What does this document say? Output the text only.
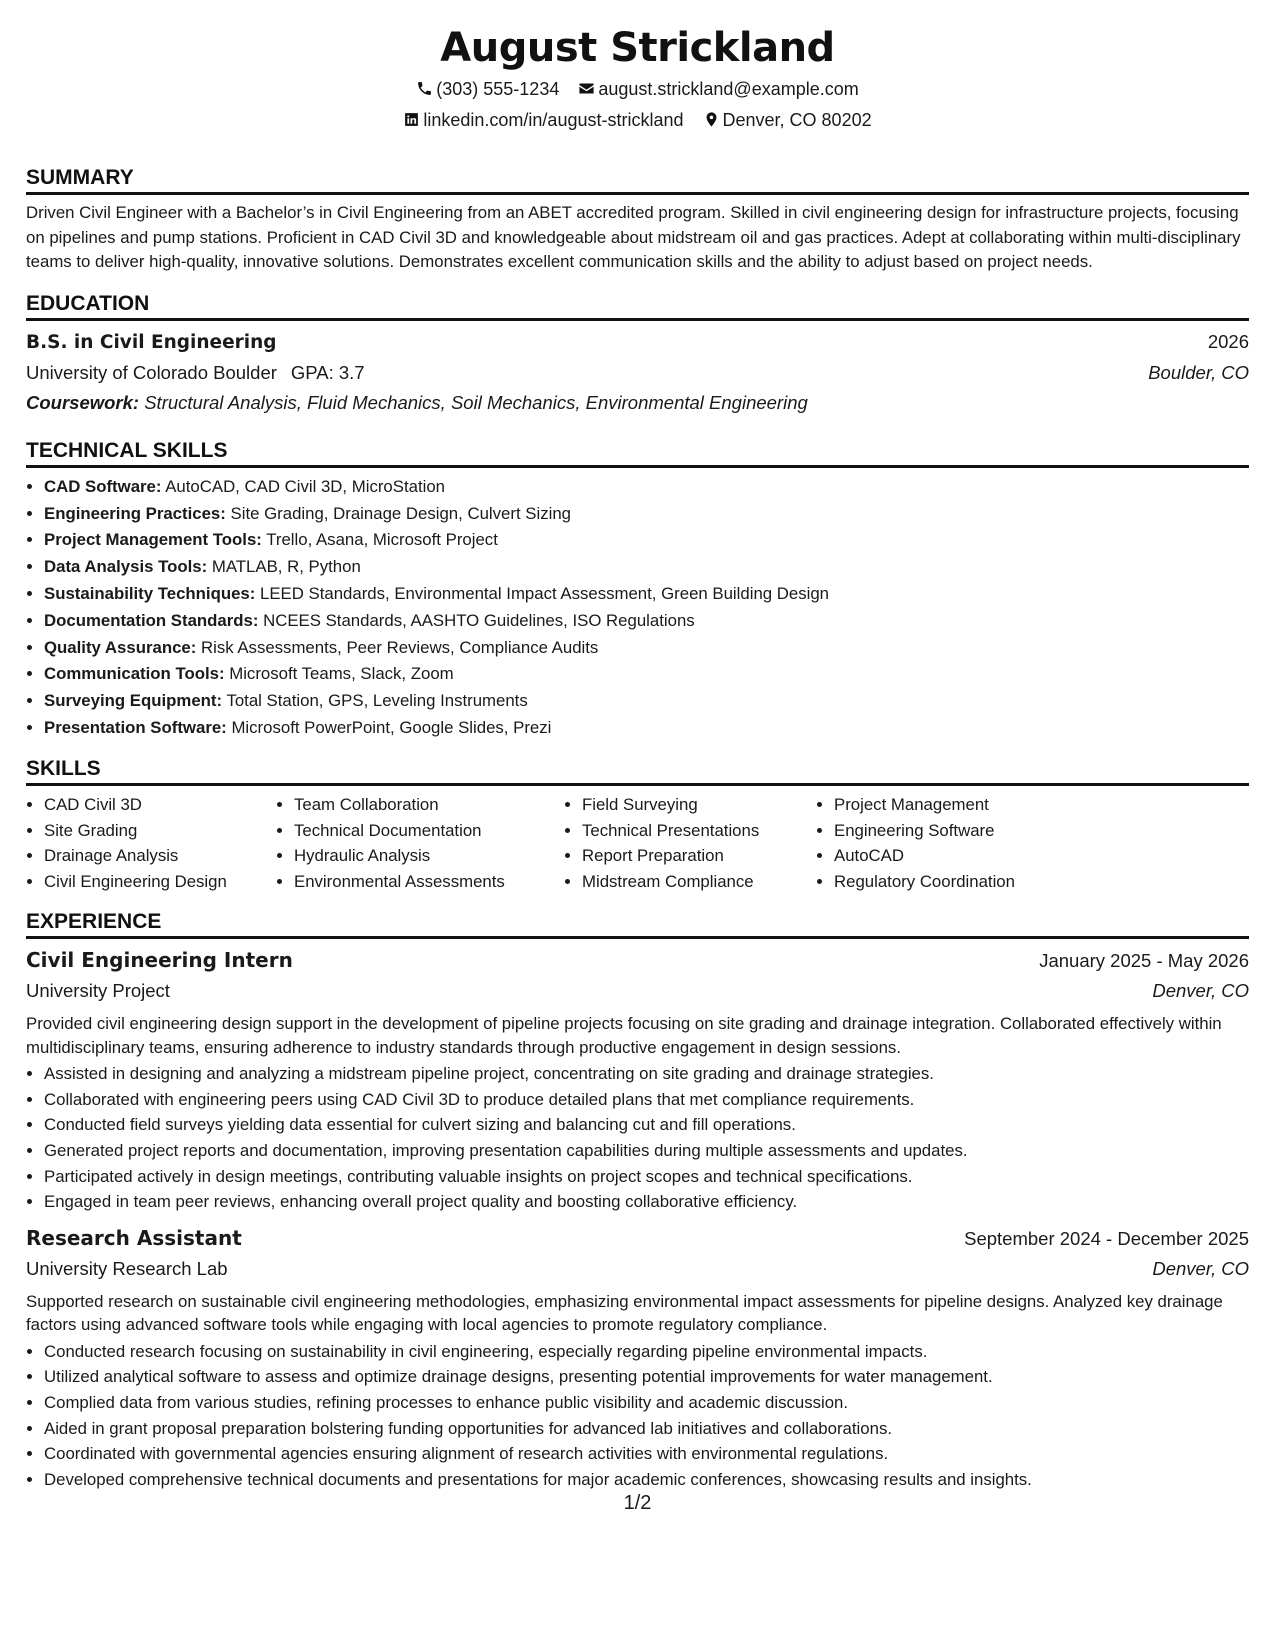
August Strickland
(303) 555-1234 august.strickland@example.com
linkedin.com/in/august-strickland Denver, CO 80202
SUMMARY

Driven Civil Engineer with a Bachelor’s in Civil Engineering from an ABET accredited program. Skilled in civil engineering design for infrastructure projects, focusing on pipelines and pump stations. Proficient in CAD Civil 3D and knowledgeable about midstream oil and gas practices. Adept at collaborating within multi-disciplinary teams to deliver high-quality, innovative solutions. Demonstrates excellent communication skills and the ability to adjust based on project needs.

EDUCATION
B.S. in Civil Engineering	2026
University of Colorado Boulder GPA: 3.7	Boulder, CO
Coursework: Structural Analysis, Fluid Mechanics, Soil Mechanics, Environmental Engineering
TECHNICAL SKILLS
• CAD Software: AutoCAD, CAD Civil 3D, MicroStation
• Engineering Practices: Site Grading, Drainage Design, Culvert Sizing
• Project Management Tools: Trello, Asana, Microsoft Project
• Data Analysis Tools: MATLAB, R, Python
• Sustainability Techniques: LEED Standards, Environmental Impact Assessment, Green Building Design
• Documentation Standards: NCEES Standards, AASHTO Guidelines, ISO Regulations
• Quality Assurance: Risk Assessments, Peer Reviews, Compliance Audits
• Communication Tools: Microsoft Teams, Slack, Zoom
• Surveying Equipment: Total Station, GPS, Leveling Instruments
• Presentation Software: Microsoft PowerPoint, Google Slides, Prezi
SKILLS
• CAD Civil 3D
• Site Grading
• Drainage Analysis
• Civil Engineering Design
• Team Collaboration
• Technical Documentation
• Hydraulic Analysis
• Environmental Assessments
• Field Surveying
• Technical Presentations
• Report Preparation
• Midstream Compliance
• Project Management
• Engineering Software
• AutoCAD
• Regulatory Coordination
EXPERIENCE
Civil Engineering Intern	January 2025 - May 2026
University Project	Denver, CO

Provided civil engineering design support in the development of pipeline projects focusing on site grading and drainage integration. Collaborated effectively within multidisciplinary teams, ensuring adherence to industry standards through productive engagement in design sessions.

• Assisted in designing and analyzing a midstream pipeline project, concentrating on site grading and drainage strategies.
• Collaborated with engineering peers using CAD Civil 3D to produce detailed plans that met compliance requirements.
• Conducted field surveys yielding data essential for culvert sizing and balancing cut and fill operations.
• Generated project reports and documentation, improving presentation capabilities during multiple assessments and updates.
• Participated actively in design meetings, contributing valuable insights on project scopes and technical specifications.
• Engaged in team peer reviews, enhancing overall project quality and boosting collaborative efficiency.
Research Assistant	September 2024 - December 2025
University Research Lab	Denver, CO

Supported research on sustainable civil engineering methodologies, emphasizing environmental impact assessments for pipeline designs. Analyzed key drainage factors using advanced software tools while engaging with local agencies to promote regulatory compliance.

• Conducted research focusing on sustainability in civil engineering, especially regarding pipeline environmental impacts.
• Utilized analytical software to assess and optimize drainage designs, presenting potential improvements for water management.
• Complied data from various studies, refining processes to enhance public visibility and academic discussion.
• Aided in grant proposal preparation bolstering funding opportunities for advanced lab initiatives and collaborations.
• Coordinated with governmental agencies ensuring alignment of research activities with environmental regulations.
• Developed comprehensive technical documents and presentations for major academic conferences, showcasing results and insights.
1/2
